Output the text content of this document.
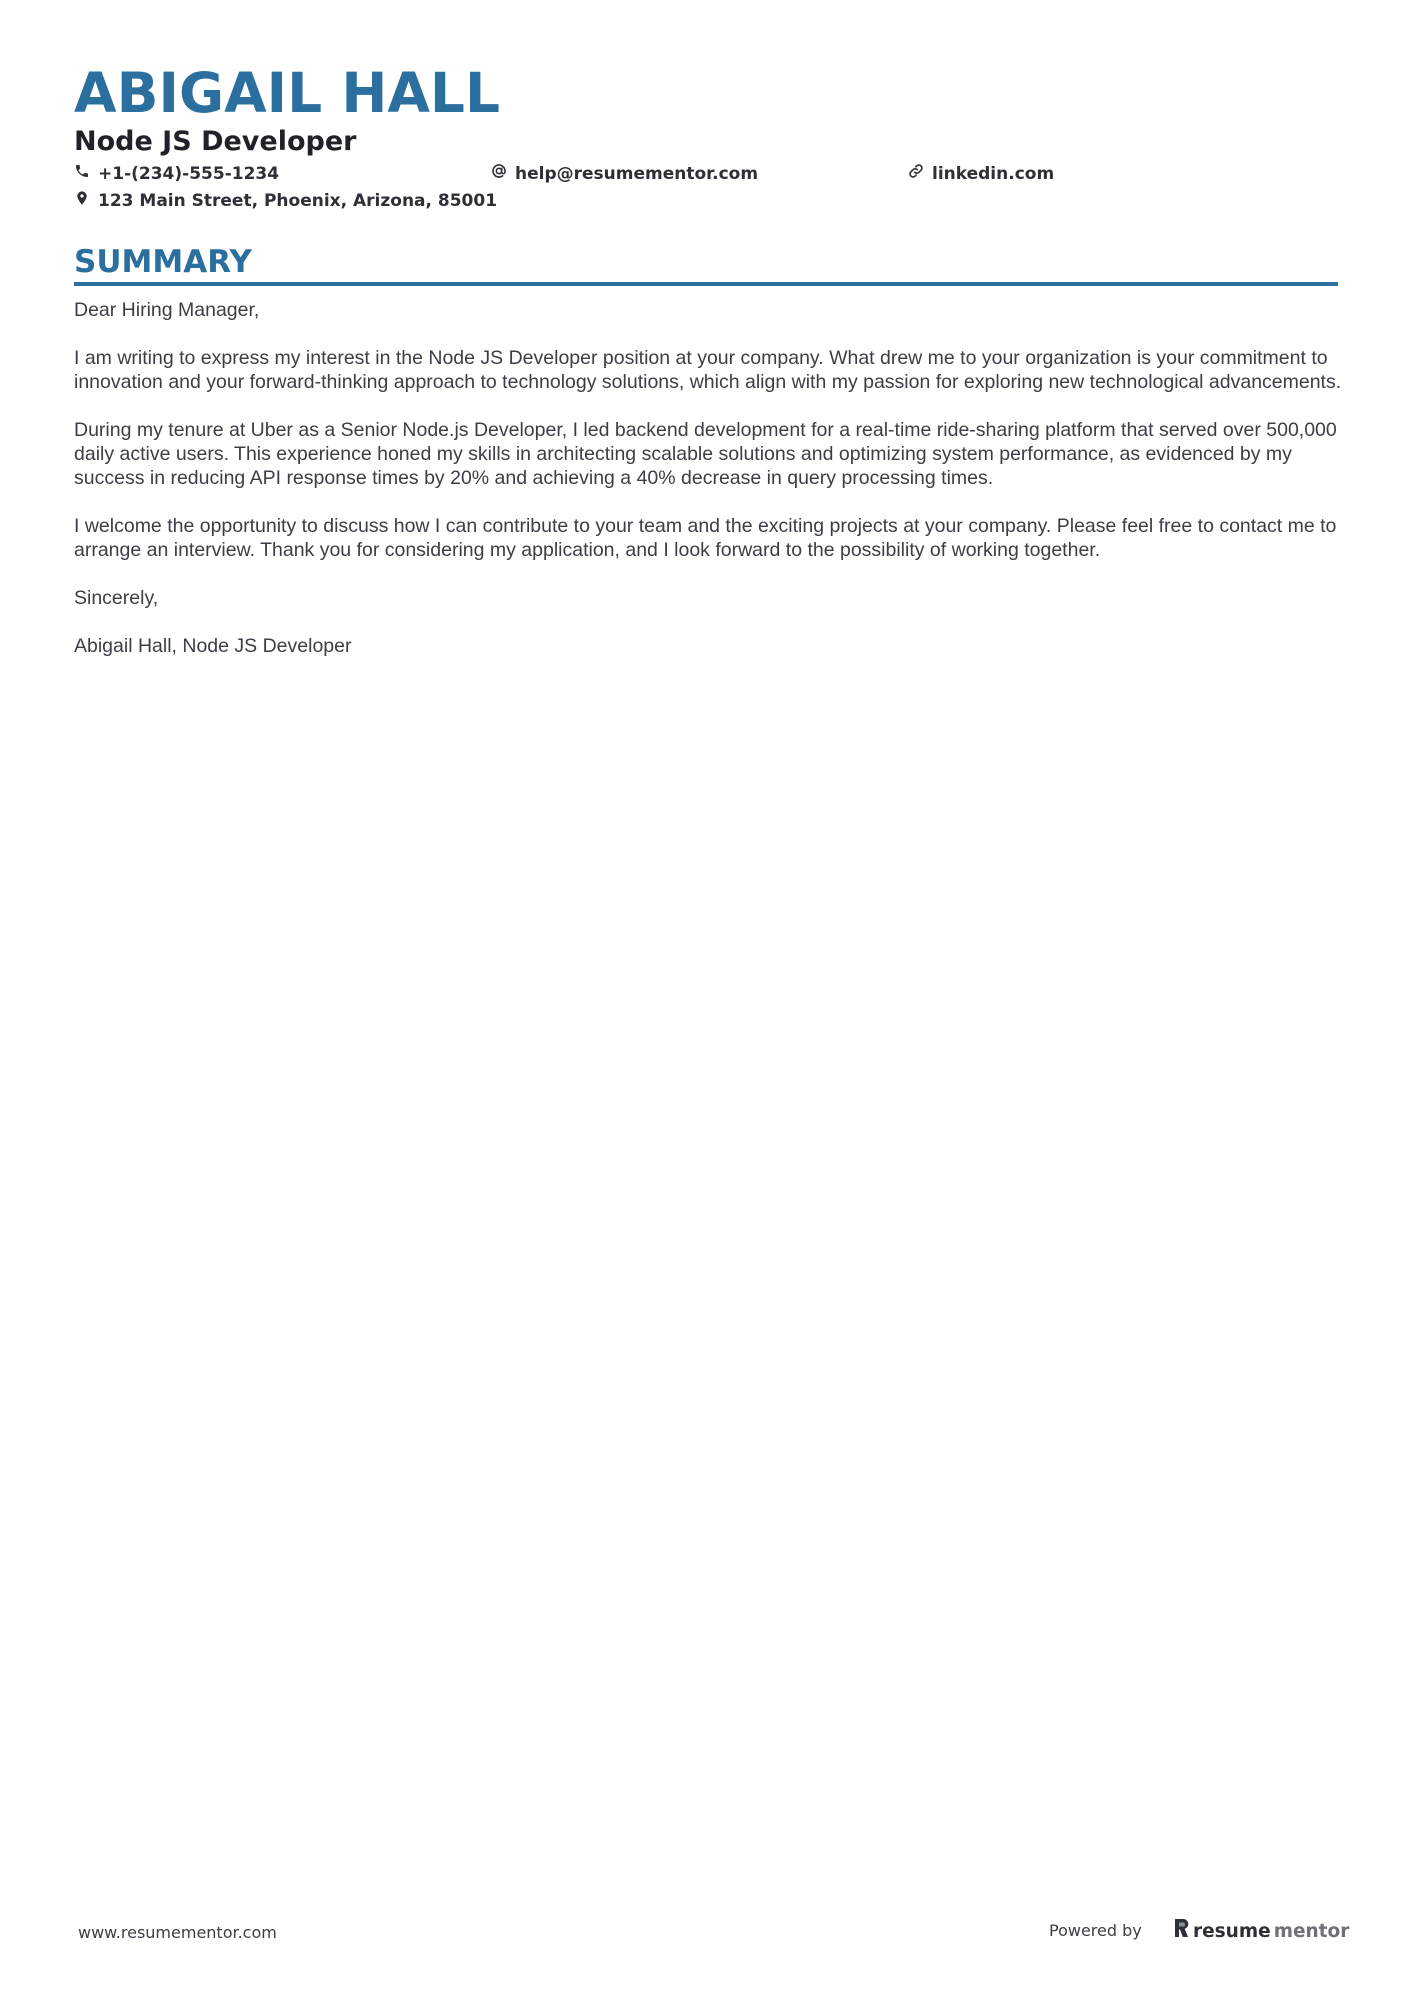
ABIGAIL HALL
Node JS Developer
+1-(234)-555-1234	help@resumementor.com	linkedin.com
123 Main Street, Phoenix, Arizona, 85001
SUMMARY

Dear Hiring Manager,

I am writing to express my interest in the Node JS Developer position at your company. What drew me to your organization is your commitment to innovation and your forward-thinking approach to technology solutions, which align with my passion for exploring new technological advancements.

During my tenure at Uber as a Senior Node.js Developer, I led backend development for a real-time ride-sharing platform that served over 500,000 daily active users. This experience honed my skills in architecting scalable solutions and optimizing system performance, as evidenced by my success in reducing API response times by 20% and achieving a 40% decrease in query processing times.

I welcome the opportunity to discuss how I can contribute to your team and the exciting projects at your company. Please feel free to contact me to arrange an interview. Thank you for considering my application, and I look forward to the possibility of working together.

Sincerely,

Abigail Hall, Node JS Developer

www.resumementor.com	Powered by	resume mentor
